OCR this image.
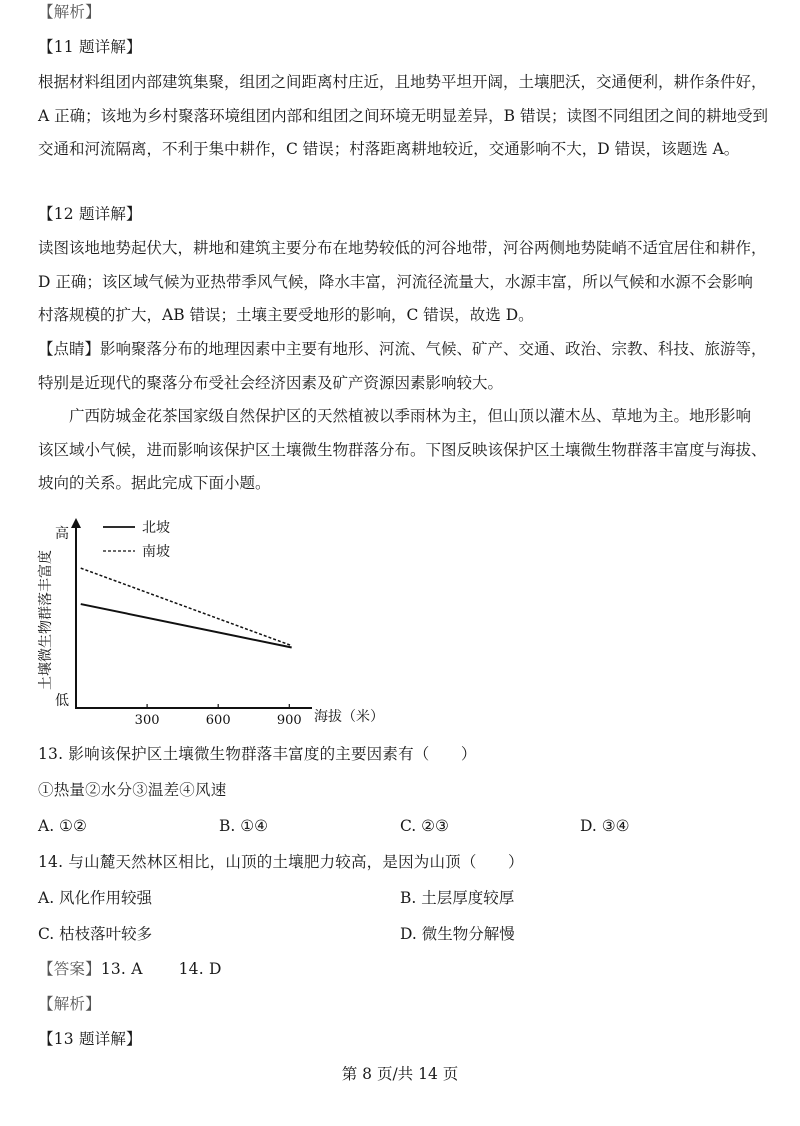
【解析】
【11 题详解】
根据材料组团内部建筑集聚，组团之间距离村庄近，且地势平坦开阔，土壤肥沃，交通便利，耕作条件好，
A 正确；该地为乡村聚落环境组团内部和组团之间环境无明显差异，B 错误；读图不同组团之间的耕地受到
交通和河流隔离，不利于集中耕作，C 错误；村落距离耕地较近，交通影响不大，D 错误，该题选 A。
【12 题详解】
读图该地地势起伏大，耕地和建筑主要分布在地势较低的河谷地带，河谷两侧地势陡峭不适宜居住和耕作，
D 正确；该区域气候为亚热带季风气候，降水丰富，河流径流量大，水源丰富，所以气候和水源不会影响
村落规模的扩大，AB 错误；土壤主要受地形的影响，C 错误，故选 D。
【点睛】影响聚落分布的地理因素中主要有地形、河流、气候、矿产、交通、政治、宗教、科技、旅游等，
特别是近现代的聚落分布受社会经济因素及矿产资源因素影响较大。
广西防城金花茶国家级自然保护区的天然植被以季雨林为主，但山顶以灌木丛、草地为主。地形影响
该区域小气候，进而影响该保护区土壤微生物群落分布。下图反映该保护区土壤微生物群落丰富度与海拔、
坡向的关系。据此完成下面小题。
300	600	900
北坡
南坡
高
低
土壤微生物群落丰富度
海拔（米）
13. 影响该保护区土壤微生物群落丰富度的主要因素有（　　）
①热量②水分③温差④风速
A. ①②	B. ①④	C. ②③	D. ③④
14. 与山麓天然林区相比，山顶的土壤肥力较高，是因为山顶（　　）
A. 风化作用较强	B. 土层厚度较厚
C. 枯枝落叶较多	D. 微生物分解慢
【答案】13. A 14. D
【解析】
【13 题详解】
第 8 页/共 14 页
